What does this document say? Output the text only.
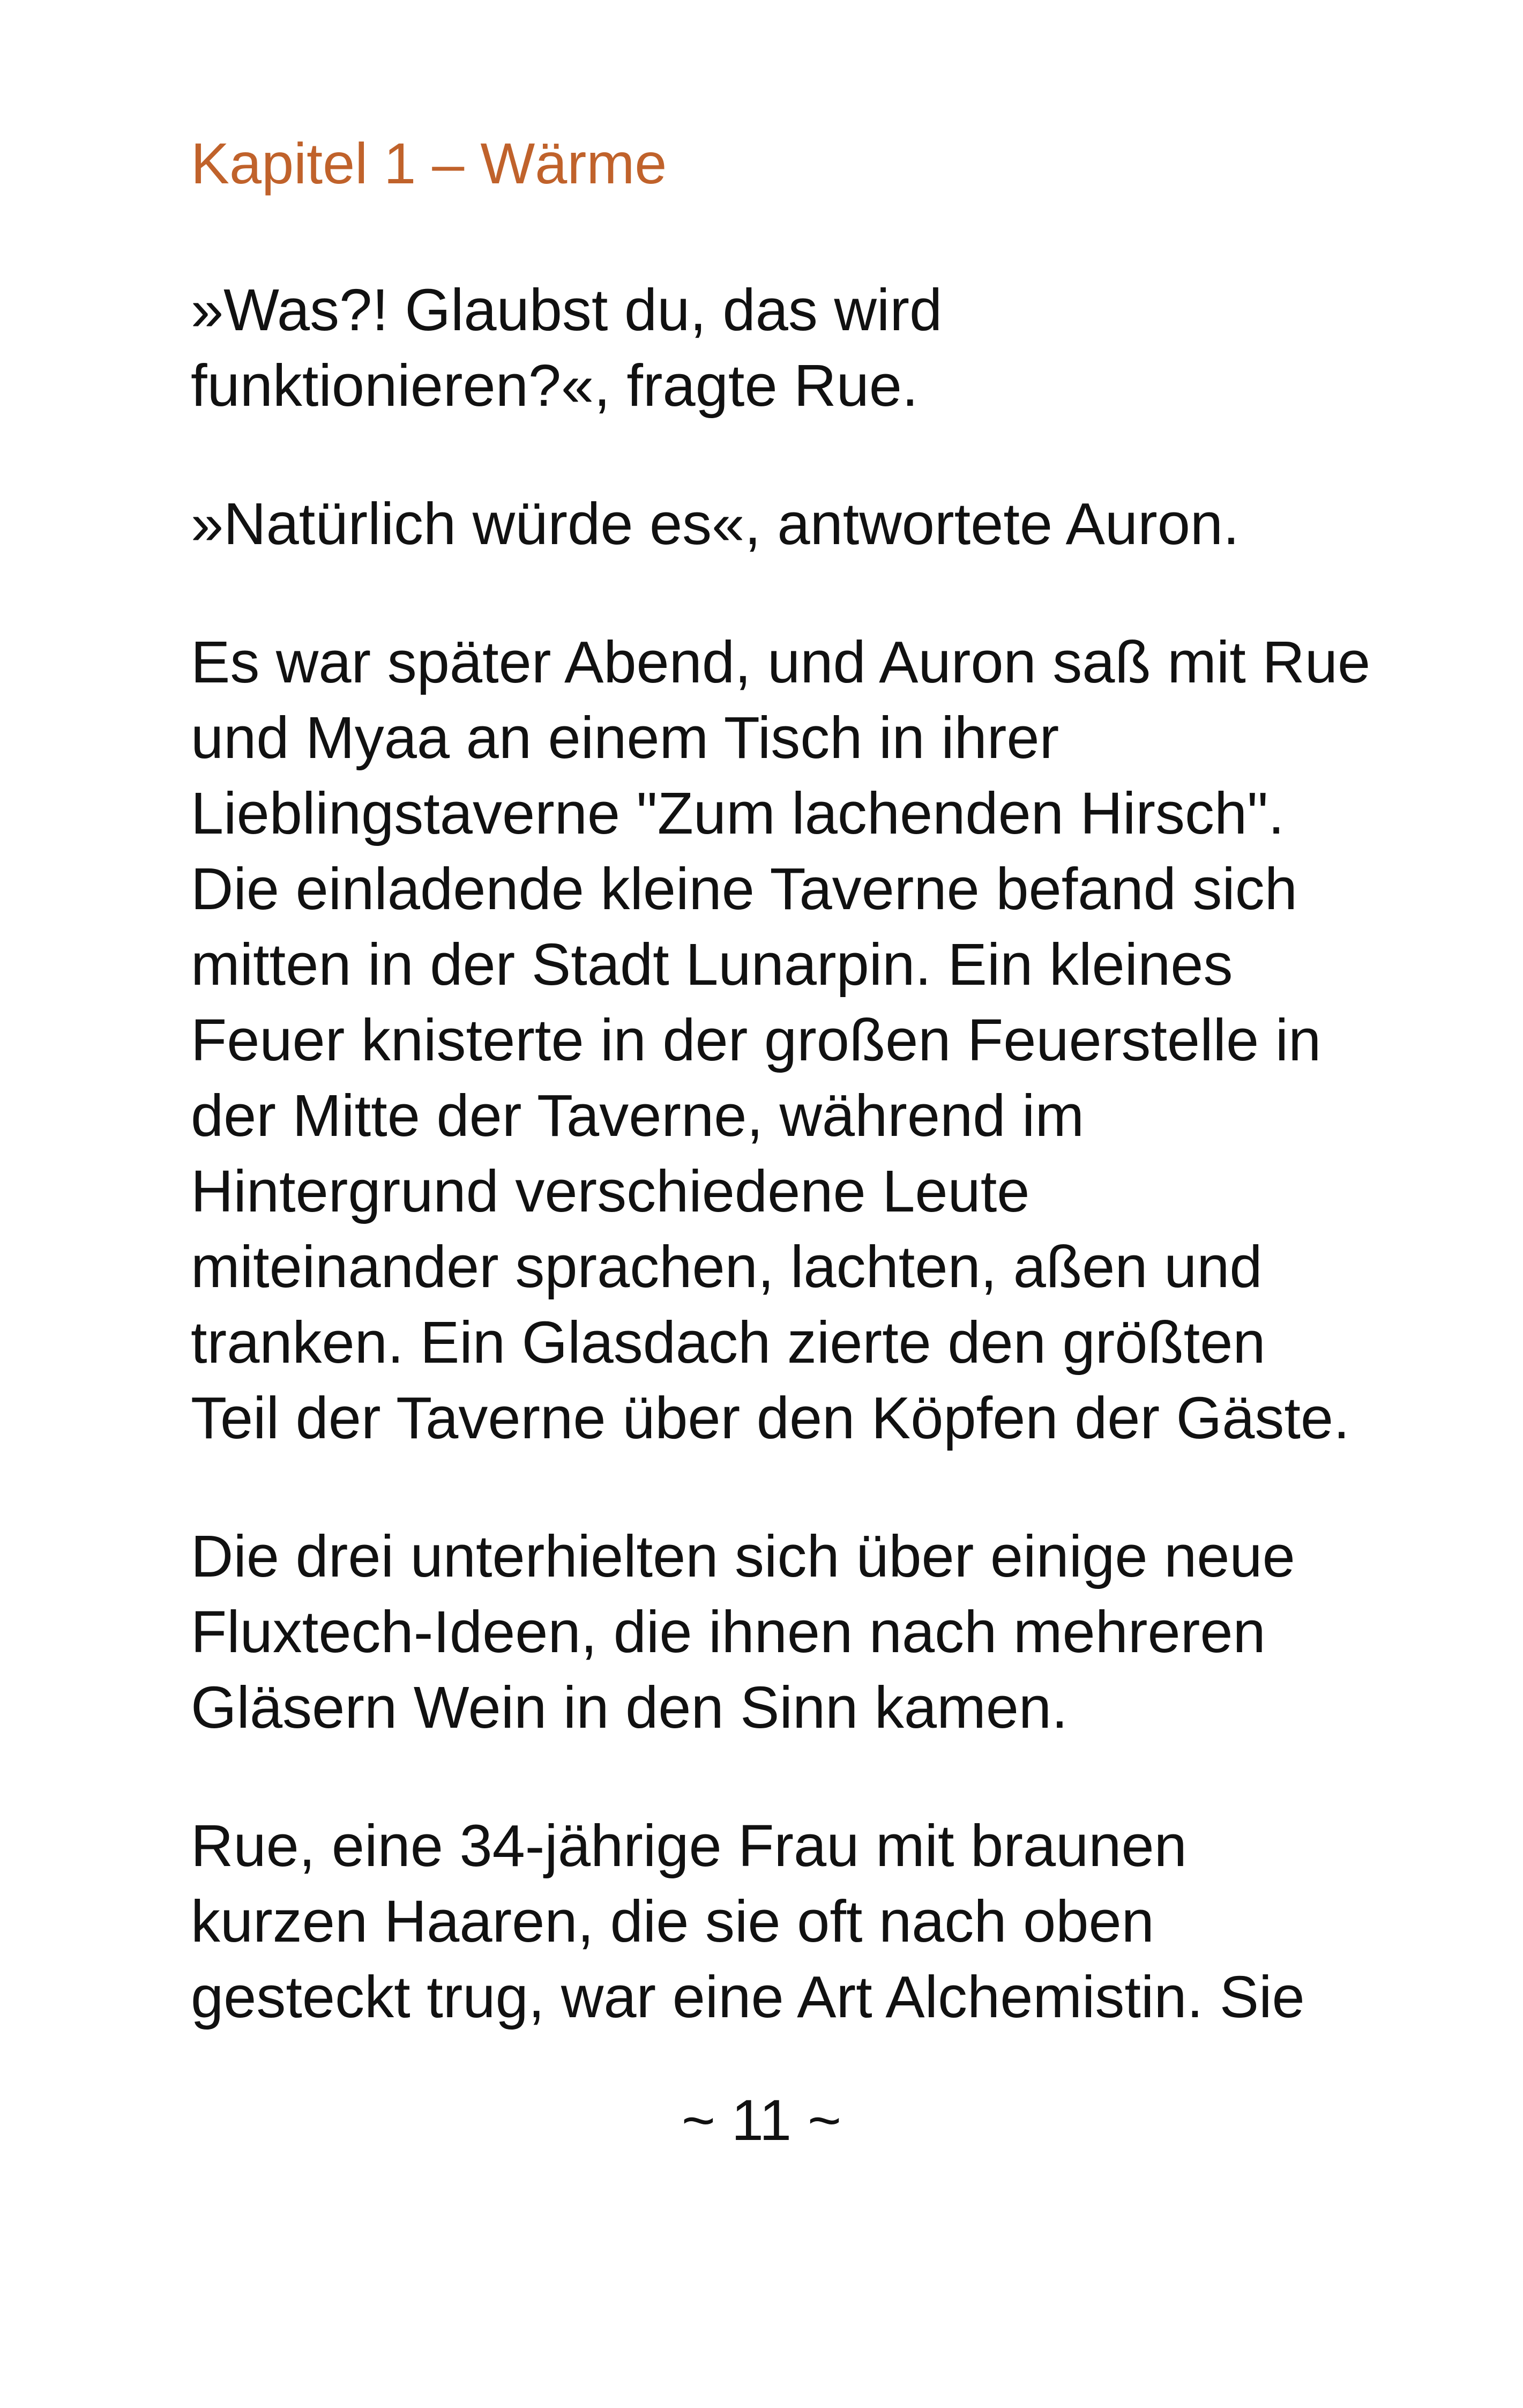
Kapitel 1 – Wärme

»Was?! Glaubst du, das wird
funktionieren?«, fragte Rue.

»Natürlich würde es«, antwortete Auron.

Es war später Abend, und Auron saß mit Rue
und Myaa an einem Tisch in ihrer
Lieblingstaverne "Zum lachenden Hirsch".
Die einladende kleine Taverne befand sich
mitten in der Stadt Lunarpin. Ein kleines
Feuer knisterte in der großen Feuerstelle in
der Mitte der Taverne, während im
Hintergrund verschiedene Leute
miteinander sprachen, lachten, aßen und
tranken. Ein Glasdach zierte den größten
Teil der Taverne über den Köpfen der Gäste.

Die drei unterhielten sich über einige neue
Fluxtech-Ideen, die ihnen nach mehreren
Gläsern Wein in den Sinn kamen.

Rue, eine 34-jährige Frau mit braunen
kurzen Haaren, die sie oft nach oben
gesteckt trug, war eine Art Alchemistin. Sie

~ 11 ~
